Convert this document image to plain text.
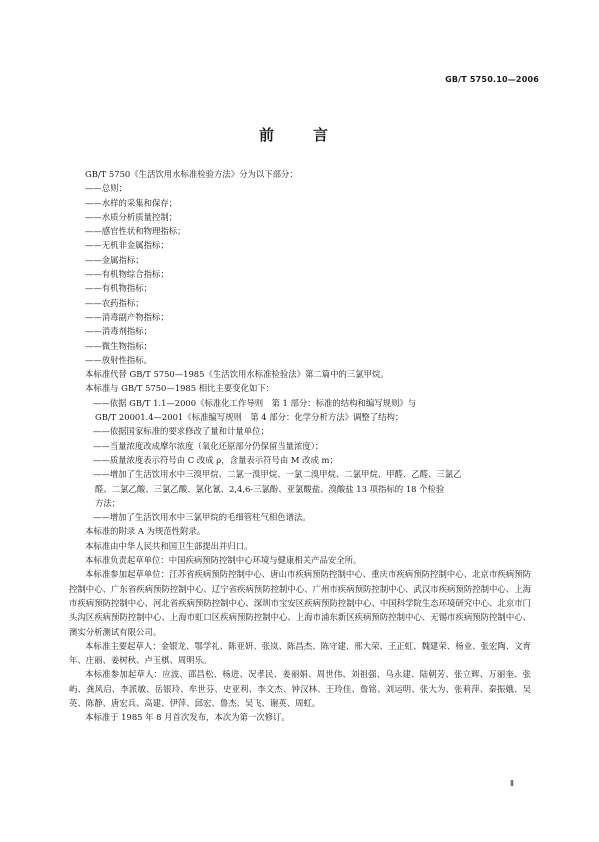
GB/T 5750.10—2006
前　言
GB/T 5750《生活饮用水标准检验方法》分为以下部分：
——总则；
——水样的采集和保存；
——水质分析质量控制；
——感官性状和物理指标；
——无机非金属指标；
——金属指标；
——有机物综合指标；
——有机物指标；
——农药指标；
——消毒副产物指标；
——消毒剂指标；
——微生物指标；
——放射性指标。
本标准代替 GB/T 5750—1985《生活饮用水标准检验法》第二篇中的三氯甲烷。
本标准与 GB/T 5750—1985 相比主要变化如下：
——依据 GB/T 1.1—2000《标准化工作导则　第 1 部分：标准的结构和编写规则》与
GB/T 20001.4—2001《标准编写规则　第 4 部分：化学分析方法》调整了结构；
——依据国家标准的要求修改了量和计量单位；
——当量浓度改成摩尔浓度（氧化还原部分仍保留当量浓度）；
——质量浓度表示符号由 C 改成 ρ，含量表示符号由 M 改成 m；
——增加了生活饮用水中三溴甲烷、二氯一溴甲烷、一氯二溴甲烷、二氯甲烷、甲醛、乙醛、三氯乙
醛、二氯乙酸、三氯乙酸、氯化氰、2,4,6-三氯酚、亚氯酸盐、溴酸盐 13 项指标的 18 个检验
方法；
——增加了生活饮用水中三氯甲烷的毛细管柱气相色谱法。
本标准的附录 A 为规范性附录。
本标准由中华人民共和国卫生部提出并归口。
本标准负责起草单位：中国疾病预防控制中心环境与健康相关产品安全所。
本标准参加起草单位：江苏省疾病预防控制中心、唐山市疾病预防控制中心、重庆市疾病预防控制中心、北京市疾病预防控制中心、广东省疾病预防控制中心、辽宁省疾病预防控制中心、广州市疾病预防控制中心、武汉市疾病预防控制中心、上海市疾病预防控制中心、河北省疾病预防控制中心、深圳市宝安区疾病预防控制中心、中国科学院生态环境研究中心、北京市门头沟区疾病预防控制中心、上海市虹口区疾病预防控制中心、上海市浦东新区疾病预防控制中心、无锡市疾病预防控制中心、澳实分析测试有限公司。
本标准主要起草人：金银龙、鄂学礼、陈亚妍、张岚、陈昌杰、陈守建、邢大荣、王正虹、魏建荣、杨业、张宏陶、文育年、庄丽、姜树秋、卢玉棋、周明乐。
本标准参加起草人：应波、邵昌松、杨进、况孝民、姜丽娟、周世伟、刘祖强、乌永建、陆朝芳、张立辉、万丽奎、张屿、龚风启、李派敏、岳银玲、牟世芬、史亚利、李文杰、钟汉林、王玲佳、詹铭、刘运明、张大为、张莉萍、秦振娥、吴英、陈静、唐宏兵、高建、伊萍、邱宏、鲁杰、吴飞、谢英、周虹。
本标准于 1985 年 8 月首次发布，本次为第一次修订。
Ⅱ
